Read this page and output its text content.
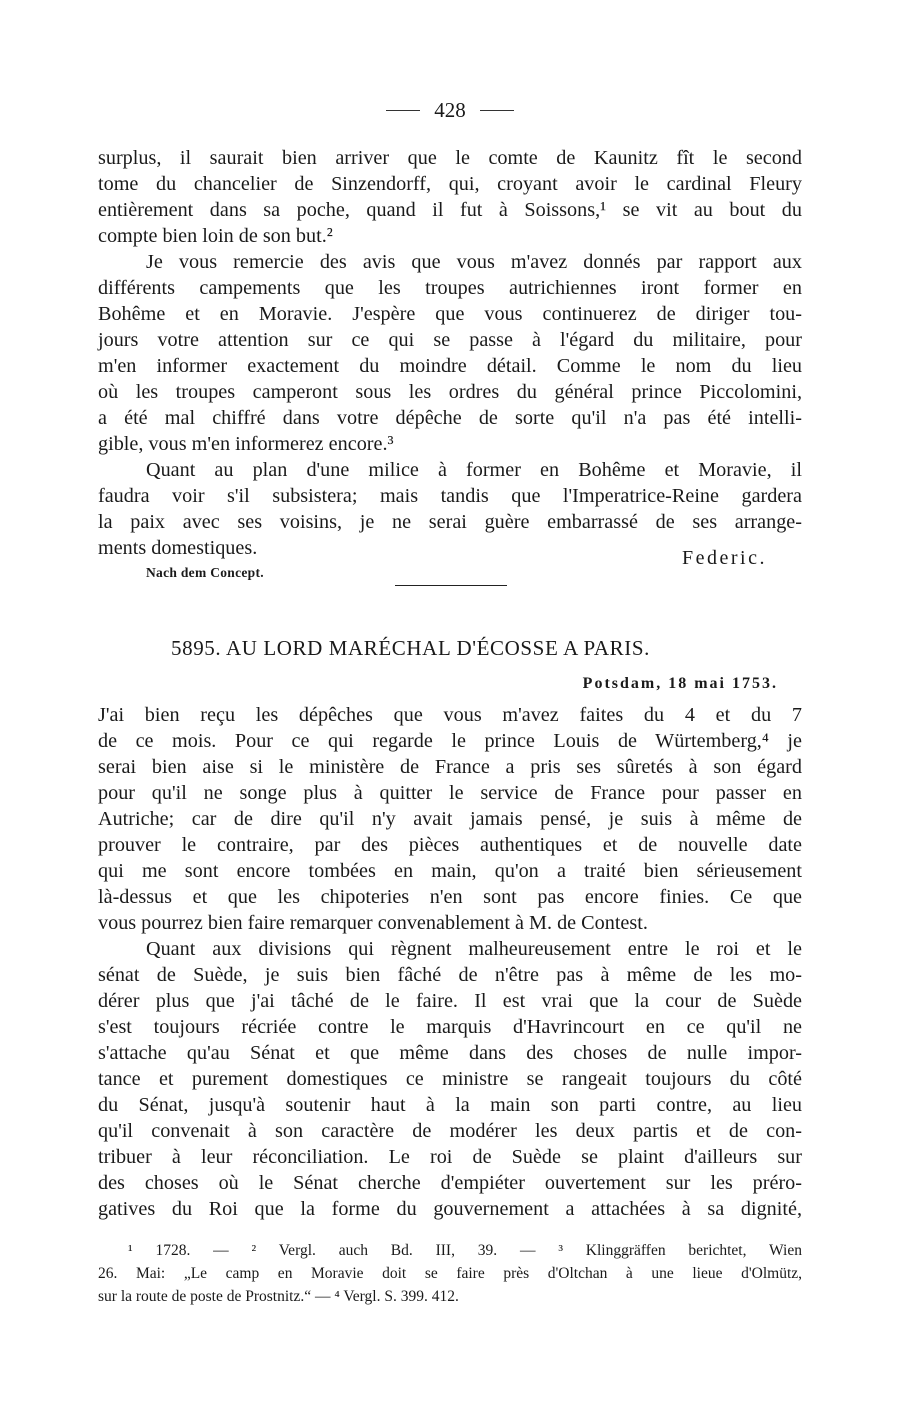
428
surplus, il saurait bien arriver que le comte de Kaunitz fît le second
tome du chancelier de Sinzendorff, qui, croyant avoir le cardinal Fleury
entièrement dans sa poche, quand il fut à Soissons,¹ se vit au bout du
compte bien loin de son but.²
Je vous remercie des avis que vous m'avez donnés par rapport aux
différents campements que les troupes autrichiennes iront former en
Bohême et en Moravie. J'espère que vous continuerez de diriger tou-
jours votre attention sur ce qui se passe à l'égard du militaire, pour
m'en informer exactement du moindre détail. Comme le nom du lieu
où les troupes camperont sous les ordres du général prince Piccolomini,
a été mal chiffré dans votre dépêche de sorte qu'il n'a pas été intelli-
gible, vous m'en informerez encore.³
Quant au plan d'une milice à former en Bohême et Moravie, il
faudra voir s'il subsistera; mais tandis que l'Imperatrice-Reine gardera
la paix avec ses voisins, je ne serai guère embarrassé de ses arrange-
ments domestiques.	Federic.
Nach dem Concept.
5895. AU LORD MARÉCHAL D'ÉCOSSE A PARIS.
Potsdam, 18 mai 1753.
J'ai bien reçu les dépêches que vous m'avez faites du 4 et du 7
de ce mois. Pour ce qui regarde le prince Louis de Würtemberg,⁴ je
serai bien aise si le ministère de France a pris ses sûretés à son égard
pour qu'il ne songe plus à quitter le service de France pour passer en
Autriche; car de dire qu'il n'y avait jamais pensé, je suis à même de
prouver le contraire, par des pièces authentiques et de nouvelle date
qui me sont encore tombées en main, qu'on a traité bien sérieusement
là-dessus et que les chipoteries n'en sont pas encore finies. Ce que
vous pourrez bien faire remarquer convenablement à M. de Contest.
Quant aux divisions qui règnent malheureusement entre le roi et le
sénat de Suède, je suis bien fâché de n'être pas à même de les mo-
dérer plus que j'ai tâché de le faire. Il est vrai que la cour de Suède
s'est toujours récriée contre le marquis d'Havrincourt en ce qu'il ne
s'attache qu'au Sénat et que même dans des choses de nulle impor-
tance et purement domestiques ce ministre se rangeait toujours du côté
du Sénat, jusqu'à soutenir haut à la main son parti contre, au lieu
qu'il convenait à son caractère de modérer les deux partis et de con-
tribuer à leur réconciliation. Le roi de Suède se plaint d'ailleurs sur
des choses où le Sénat cherche d'empiéter ouvertement sur les préro-
gatives du Roi que la forme du gouvernement a attachées à sa dignité,
¹ 1728. — ² Vergl. auch Bd. III, 39. — ³ Klinggräffen berichtet, Wien
26. Mai: „Le camp en Moravie doit se faire près d'Oltchan à une lieue d'Olmütz,
sur la route de poste de Prostnitz.“ — ⁴ Vergl. S. 399. 412.
